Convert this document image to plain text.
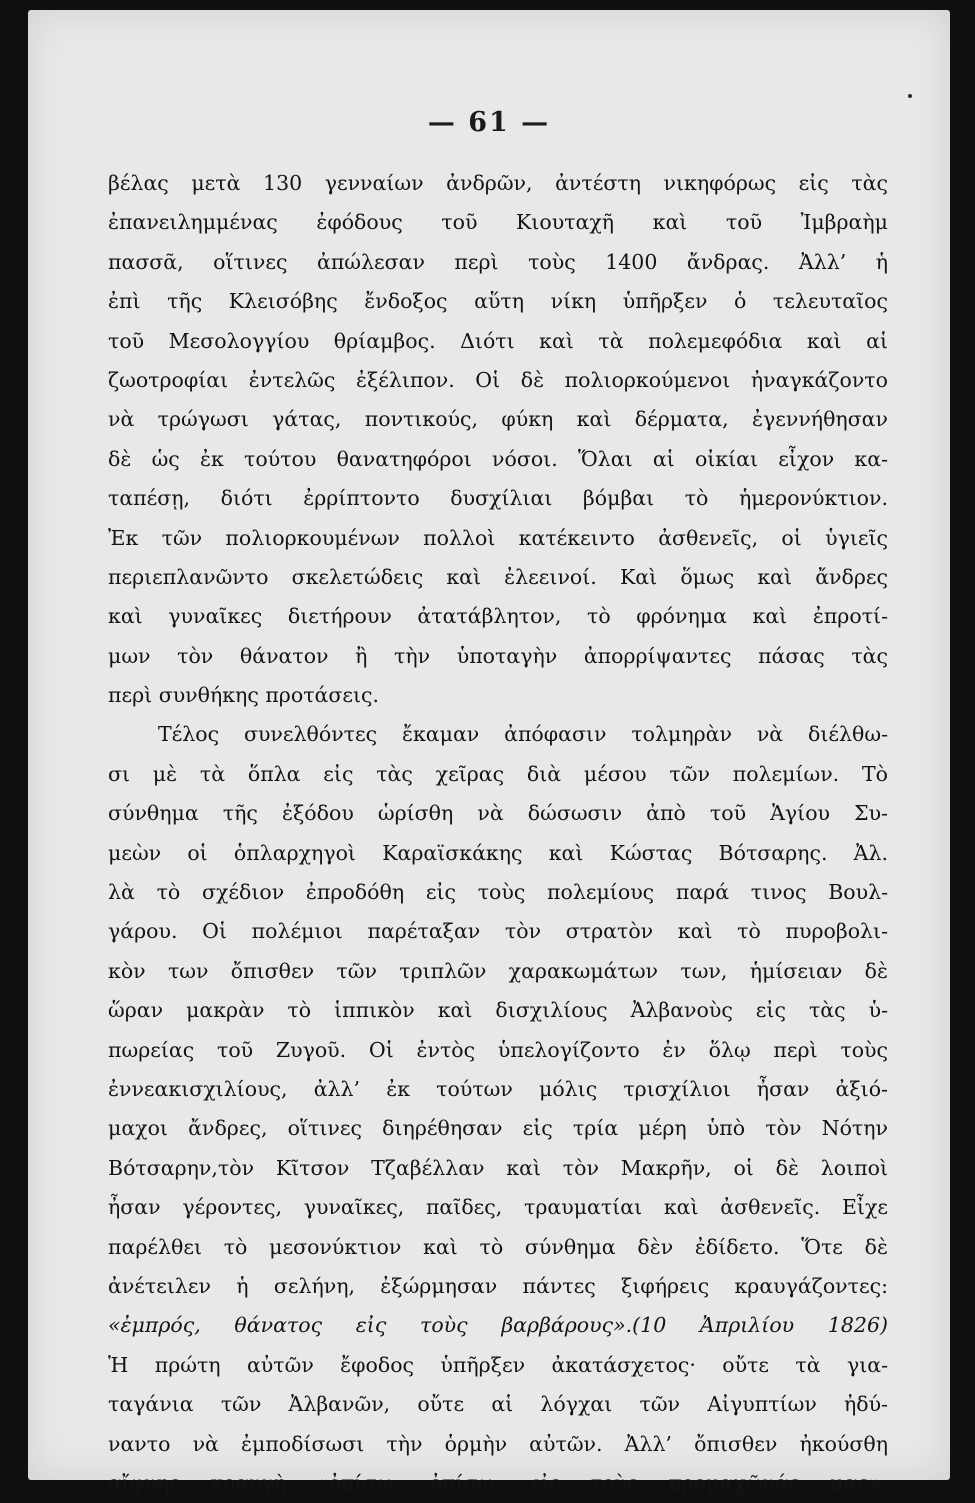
— 61 —
βέλας μετὰ 130 γενναίων ἀνδρῶν, ἀντέστη νικηφόρως εἰς τὰς
ἐπανειλημμένας ἐφόδους τοῦ Κιουταχῆ καὶ τοῦ Ἰμβραὴμ
πασσᾶ, οἵτινες ἀπώλεσαν περὶ τοὺς 1400 ἄνδρας. Ἀλλ’ ἡ
ἐπὶ τῆς Κλεισόβης ἔνδοξος αὕτη νίκη ὑπῆρξεν ὁ τελευταῖος
τοῦ Μεσολογγίου θρίαμβος. Διότι καὶ τὰ πολεμεφόδια καὶ αἱ
ζωοτροφίαι ἐντελῶς ἐξέλιπον. Οἱ δὲ πολιορκούμενοι ἠναγκάζοντο
νὰ τρώγωσι γάτας, ποντικούς, φύκη καὶ δέρματα, ἐγεννήθησαν
δὲ ὡς ἐκ τούτου θανατηφόροι νόσοι. Ὅλαι αἱ οἰκίαι εἶχον κα-
ταπέσῃ, διότι ἐρρίπτοντο δυσχίλιαι βόμβαι τὸ ἡμερονύκτιον.
Ἐκ τῶν πολιορκουμένων πολλοὶ κατέκειντο ἀσθενεῖς, οἱ ὑγιεῖς
περιεπλανῶντο σκελετώδεις καὶ ἐλεεινοί. Καὶ ὅμως καὶ ἄνδρες
καὶ γυναῖκες διετήρουν ἀτατάβλητον, τὸ φρόνημα καὶ ἐπροτί-
μων τὸν θάνατον ἢ τὴν ὑποταγὴν ἀπορρίψαντες πάσας τὰς
περὶ συνθήκης προτάσεις.
Τέλος συνελθόντες ἔκαμαν ἀπόφασιν τολμηρὰν νὰ διέλθω-
σι μὲ τὰ ὅπλα εἰς τὰς χεῖρας διὰ μέσου τῶν πολεμίων. Τὸ
σύνθημα τῆς ἐξόδου ὡρίσθη νὰ δώσωσιν ἀπὸ τοῦ Ἁγίου Συ-
μεὼν οἱ ὁπλαρχηγοὶ Καραϊσκάκης καὶ Κώστας Βότσαρης. Ἀλ.
λὰ τὸ σχέδιον ἐπροδόθη εἰς τοὺς πολεμίους παρά τινος Βουλ-
γάρου. Οἱ πολέμιοι παρέταξαν τὸν στρατὸν καὶ τὸ πυροβολι-
κὸν των ὄπισθεν τῶν τριπλῶν χαρακωμάτων των, ἡμίσειαν δὲ
ὥραν μακρὰν τὸ ἱππικὸν καὶ δισχιλίους Ἀλβανοὺς εἰς τὰς ὑ-
πωρείας τοῦ Ζυγοῦ. Οἱ ἐντὸς ὑπελογίζοντο ἐν ὅλῳ περὶ τοὺς
ἐννεακισχιλίους, ἀλλ’ ἐκ τούτων μόλις τρισχίλιοι ἦσαν ἀξιό-
μαχοι ἄνδρες, οἵτινες διηρέθησαν εἰς τρία μέρη ὑπὸ τὸν Νότην
Βότσαρην,τὸν Κῖτσον Τζαβέλλαν καὶ τὸν Μακρῆν, οἱ δὲ λοιποὶ
ἦσαν γέροντες, γυναῖκες, παῖδες, τραυματίαι καὶ ἀσθενεῖς. Εἶχε
παρέλθει τὸ μεσονύκτιον καὶ τὸ σύνθημα δὲν ἐδίδετο. Ὅτε δὲ
ἀνέτειλεν ἡ σελήνη, ἐξώρμησαν πάντες ξιφήρεις κραυγάζοντες:
«ἐμπρός, θάνατος εἰς τοὺς βαρβάρους».(10 Ἀπριλίου 1826)
Ἡ πρώτη αὐτῶν ἔφοδος ὑπῆρξεν ἀκατάσχετος· οὔτε τὰ για-
ταγάνια τῶν Ἀλβανῶν, οὔτε αἱ λόγχαι τῶν Αἰγυπτίων ἠδύ-
ναντο νὰ ἐμποδίσωσι τὴν ὁρμὴν αὐτῶν. Ἀλλ’ ὄπισθεν ἠκούσθη
αἴφνης κραυγὴ «ὀπίσω, ὀπίσω, εἰς τοὺς προμαχῶνάς μας».
